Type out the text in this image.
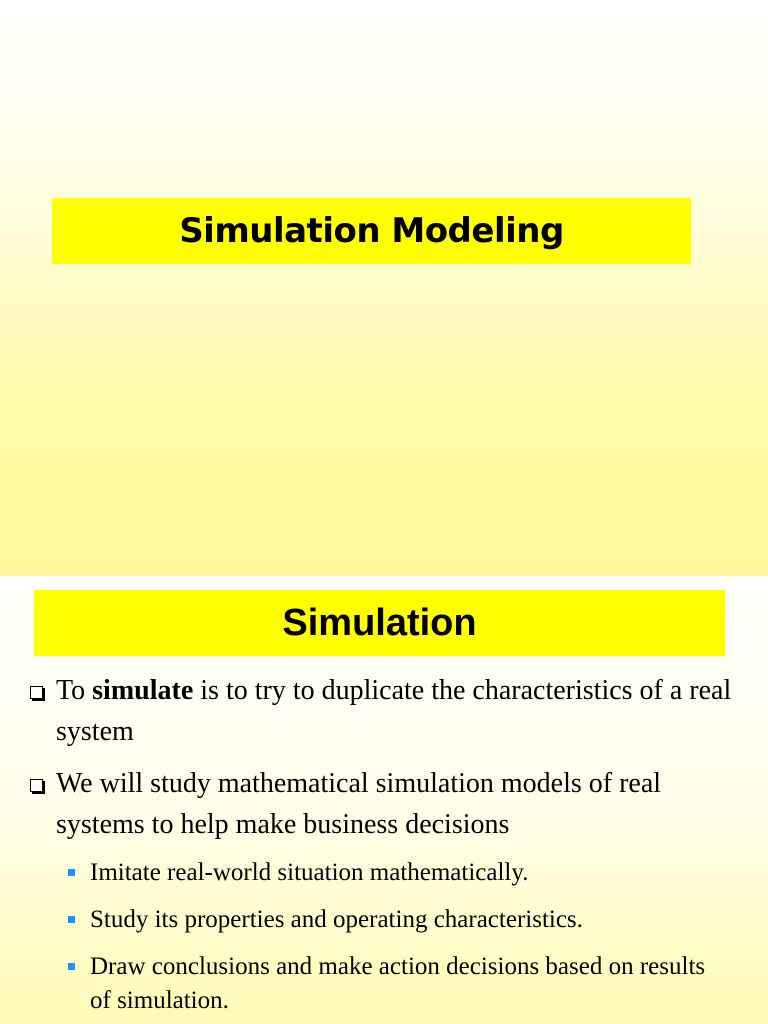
Simulation Modeling
Simulation
To simulate is to try to duplicate the characteristics of a real system
We will study mathematical simulation models of real systems to help make business decisions
Imitate real-world situation mathematically.
Study its properties and operating characteristics.
Draw conclusions and make action decisions based on results of simulation.
